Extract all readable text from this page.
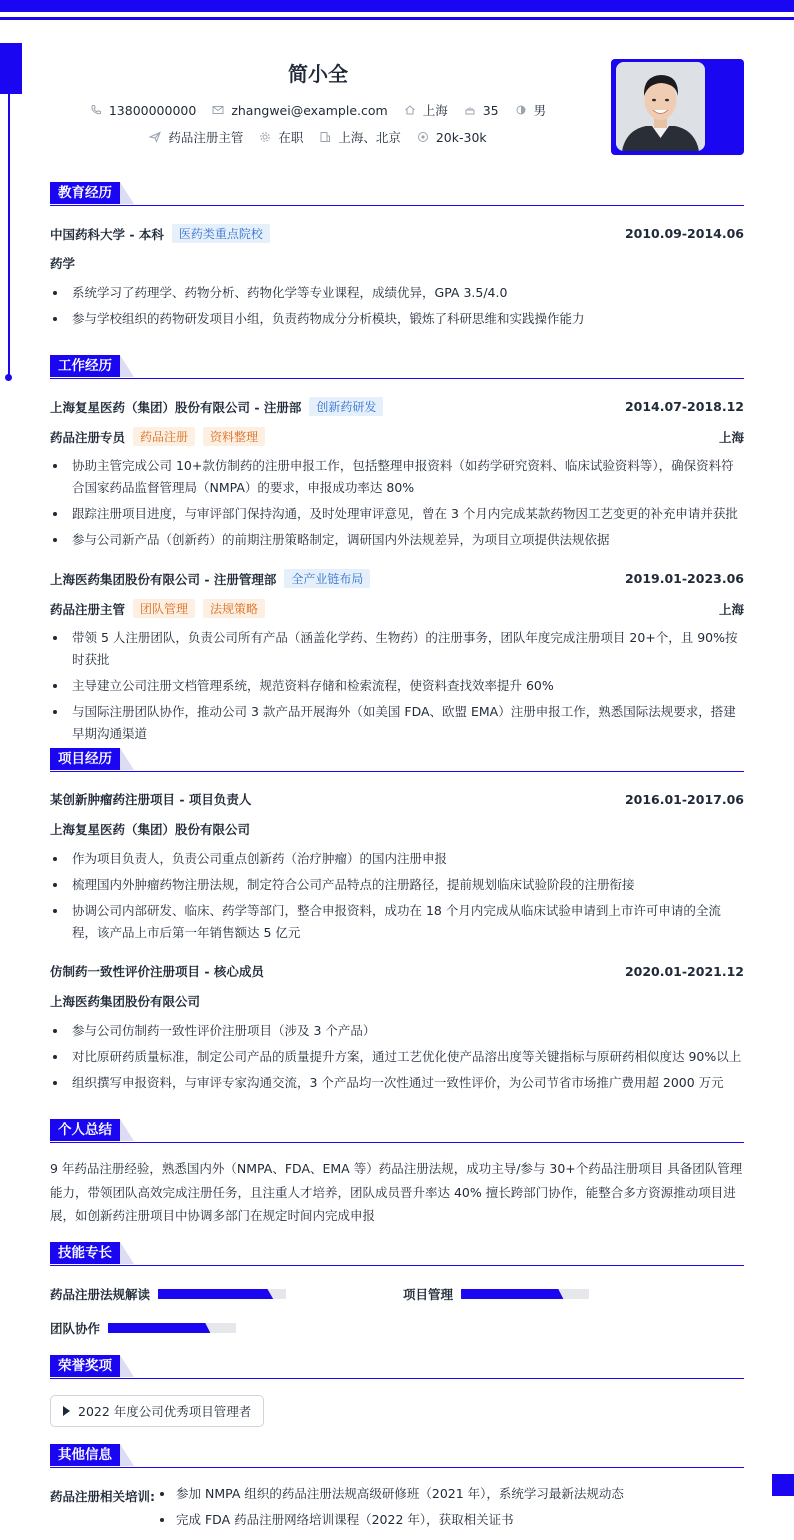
简小全
13800000000	zhangwei@example.com	上海	35	男
药品注册主管	在职	上海、北京	20k-30k
教育经历
中国药科大学 - 本科	医药类重点院校	2010.09-2014.06
药学
系统学习了药理学、药物分析、药物化学等专业课程，成绩优异，GPA 3.5/4.0
参与学校组织的药物研发项目小组，负责药物成分分析模块，锻炼了科研思维和实践操作能力
工作经历
上海复星医药（集团）股份有限公司 - 注册部	创新药研发	2014.07-2018.12
药品注册专员	药品注册	资料整理	上海
协助主管完成公司 10+款仿制药的注册申报工作，包括整理申报资料（如药学研究资料、临床试验资料等），确保资料符合国家药品监督管理局（NMPA）的要求，申报成功率达 80%
跟踪注册项目进度，与审评部门保持沟通，及时处理审评意见，曾在 3 个月内完成某款药物因工艺变更的补充申请并获批
参与公司新产品（创新药）的前期注册策略制定，调研国内外法规差异，为项目立项提供法规依据
上海医药集团股份有限公司 - 注册管理部	全产业链布局	2019.01-2023.06
药品注册主管	团队管理	法规策略	上海
带领 5 人注册团队，负责公司所有产品（涵盖化学药、生物药）的注册事务，团队年度完成注册项目 20+个，且 90%按时获批
主导建立公司注册文档管理系统，规范资料存储和检索流程，使资料查找效率提升 60%
与国际注册团队协作，推动公司 3 款产品开展海外（如美国 FDA、欧盟 EMA）注册申报工作，熟悉国际法规要求，搭建早期沟通渠道
项目经历
某创新肿瘤药注册项目 - 项目负责人	2016.01-2017.06
上海复星医药（集团）股份有限公司
作为项目负责人，负责公司重点创新药（治疗肿瘤）的国内注册申报
梳理国内外肿瘤药物注册法规，制定符合公司产品特点的注册路径，提前规划临床试验阶段的注册衔接
协调公司内部研发、临床、药学等部门，整合申报资料，成功在 18 个月内完成从临床试验申请到上市许可申请的全流程，该产品上市后第一年销售额达 5 亿元
仿制药一致性评价注册项目 - 核心成员	2020.01-2021.12
上海医药集团股份有限公司
参与公司仿制药一致性评价注册项目（涉及 3 个产品）
对比原研药质量标准，制定公司产品的质量提升方案，通过工艺优化使产品溶出度等关键指标与原研药相似度达 90%以上
组织撰写申报资料，与审评专家沟通交流，3 个产品均一次性通过一致性评价，为公司节省市场推广费用超 2000 万元
个人总结
9 年药品注册经验，熟悉国内外（NMPA、FDA、EMA 等）药品注册法规，成功主导/参与 30+个药品注册项目 具备团队管理能力，带领团队高效完成注册任务，且注重人才培养，团队成员晋升率达 40% 擅长跨部门协作，能整合多方资源推动项目进展，如创新药注册项目中协调多部门在规定时间内完成申报
技能专长
药品注册法规解读	项目管理
团队协作
荣誉奖项
2022 年度公司优秀项目管理者
其他信息
药品注册相关培训:	参加 NMPA 组织的药品注册法规高级研修班（2021 年），系统学习最新法规动态
完成 FDA 药品注册网络培训课程（2022 年），获取相关证书
